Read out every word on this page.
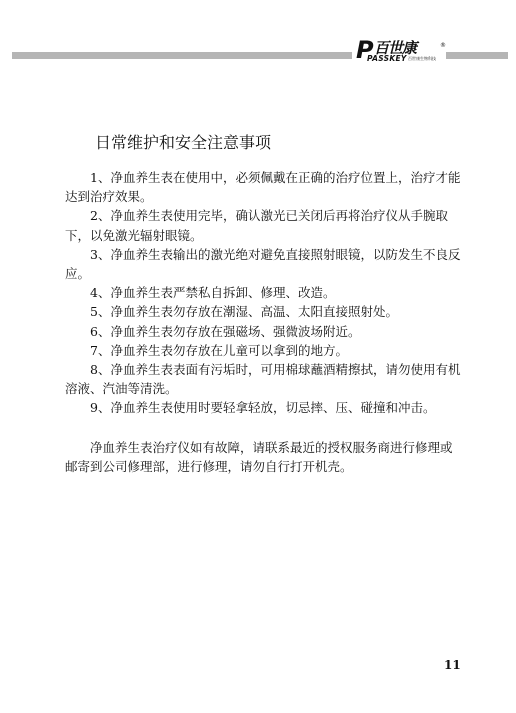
P 百世康	®
PASSKEY 百世康生物科技
日常维护和安全注意事项

1、净血养生表在使用中，必须佩戴在正确的治疗位置上，治疗才能达到治疗效果。

2、净血养生表使用完毕，确认激光已关闭后再将治疗仪从手腕取下，以免激光辐射眼镜。

3、净血养生表输出的激光绝对避免直接照射眼镜，以防发生不良反应。

4、净血养生表严禁私自拆卸、修理、改造。

5、净血养生表勿存放在潮湿、高温、太阳直接照射处。

6、净血养生表勿存放在强磁场、强微波场附近。

7、净血养生表勿存放在儿童可以拿到的地方。

8、净血养生表表面有污垢时，可用棉球蘸酒精擦拭，请勿使用有机溶液、汽油等清洗。

9、净血养生表使用时要轻拿轻放，切忌摔、压、碰撞和冲击。

净血养生表治疗仪如有故障，请联系最近的授权服务商进行修理或邮寄到公司修理部，进行修理，请勿自行打开机壳。

11
